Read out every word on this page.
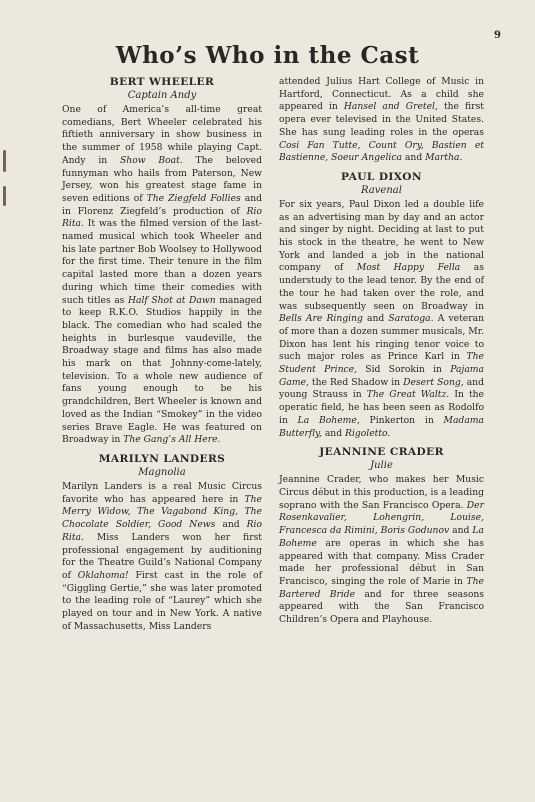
9
Who’s Who in the Cast
BERT WHEELER
Captain Andy

One of America’s all-time great comedians, Bert Wheeler celebrated his fiftieth anniversary in show business in the summer of 1958 while playing Capt. Andy in Show Boat. The beloved funnyman who hails from Paterson, New Jersey, won his greatest stage fame in seven editions of The Ziegfeld Follies and in Florenz Ziegfeld’s production of Rio Rita. It was the filmed version of the last-named musical which took Wheeler and his late partner Bob Woolsey to Hollywood for the first time. Their tenure in the film capital lasted more than a dozen years during which time their comedies with such titles as Half Shot at Dawn managed to keep R.K.O. Studios happily in the black. The comedian who had scaled the heights in burlesque vaudeville, the Broadway stage and films has also made his mark on that Johnny-come-lately, television. To a whole new audience of fans young enough to be his grandchildren, Bert Wheeler is known and loved as the Indian “Smokey” in the video series Brave Eagle. He was featured on Broadway in The Gang’s All Here.

MARILYN LANDERS
Magnolia

Marilyn Landers is a real Music Circus favorite who has appeared here in The Merry Widow, The Vagabond King, The Chocolate Soldier, Good News and Rio Rita. Miss Landers won her first professional engagement by auditioning for the Theatre Guild’s National Company of Oklahoma! First cast in the role of “Giggling Gertie,” she was later promoted to the leading role of “Laurey” which she played on tour and in New York. A native of Massachusetts, Miss Landers

attended Julius Hart College of Music in Hartford, Connecticut. As a child she appeared in Hansel and Gretel, the first opera ever televised in the United States. She has sung leading roles in the operas Cosi Fan Tutte, Count Ory, Bastien et Bastienne, Soeur Angelica and Martha.

PAUL DIXON
Ravenal

For six years, Paul Dixon led a double life as an advertising man by day and an actor and singer by night. Deciding at last to put his stock in the theatre, he went to New York and landed a job in the national company of Most Happy Fella as understudy to the lead tenor. By the end of the tour he had taken over the role, and was subsequently seen on Broadway in Bells Are Ringing and Saratoga. A veteran of more than a dozen summer musicals, Mr. Dixon has lent his ringing tenor voice to such major roles as Prince Karl in The Student Prince, Sid Sorokin in Pajama Game, the Red Shadow in Desert Song, and young Strauss in The Great Waltz. In the operatic field, he has been seen as Rodolfo in La Boheme, Pinkerton in Madama Butterfly, and Rigoletto.

JEANNINE CRADER
Julie

Jeannine Crader, who makes her Music Circus début in this production, is a leading soprano with the San Francisco Opera. Der Rosenkavalier, Lohengrin, Louise, Francesca da Rimini, Boris Godunov and La Boheme are operas in which she has appeared with that company. Miss Crader made her professional début in San Francisco, singing the role of Marie in The Bartered Bride and for three seasons appeared with the San Francisco Children’s Opera and Playhouse.
